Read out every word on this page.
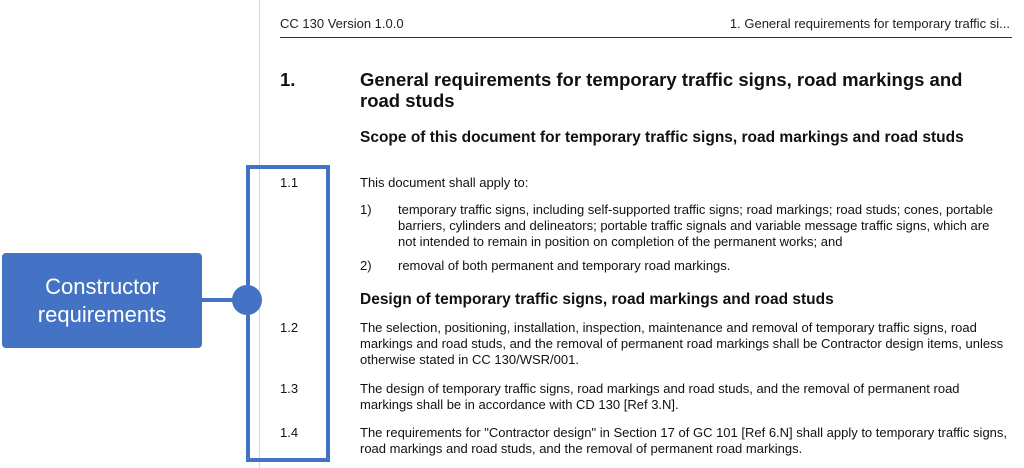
CC 130 Version 1.0.0	1. General requirements for temporary traffic si...
1.	General requirements for temporary traffic signs, road markings and road studs
Scope of this document for temporary traffic signs, road markings and road studs
1.1	This document shall apply to:
1) temporary traffic signs, including self-supported traffic signs; road markings; road studs; cones, portable barriers, cylinders and delineators; portable traffic signals and variable message traffic signs, which are not intended to remain in position on completion of the permanent works; and
2) removal of both permanent and temporary road markings.
Design of temporary traffic signs, road markings and road studs
1.2	The selection, positioning, installation, inspection, maintenance and removal of temporary traffic signs, road markings and road studs, and the removal of permanent road markings shall be Contractor design items, unless otherwise stated in CC 130/WSR/001.
1.3	The design of temporary traffic signs, road markings and road studs, and the removal of permanent road markings shall be in accordance with CD 130 [Ref 3.N].
1.4	The requirements for "Contractor design" in Section 17 of GC 101 [Ref 6.N] shall apply to temporary traffic signs, road markings and road studs, and the removal of permanent road markings.
Constructor requirements
